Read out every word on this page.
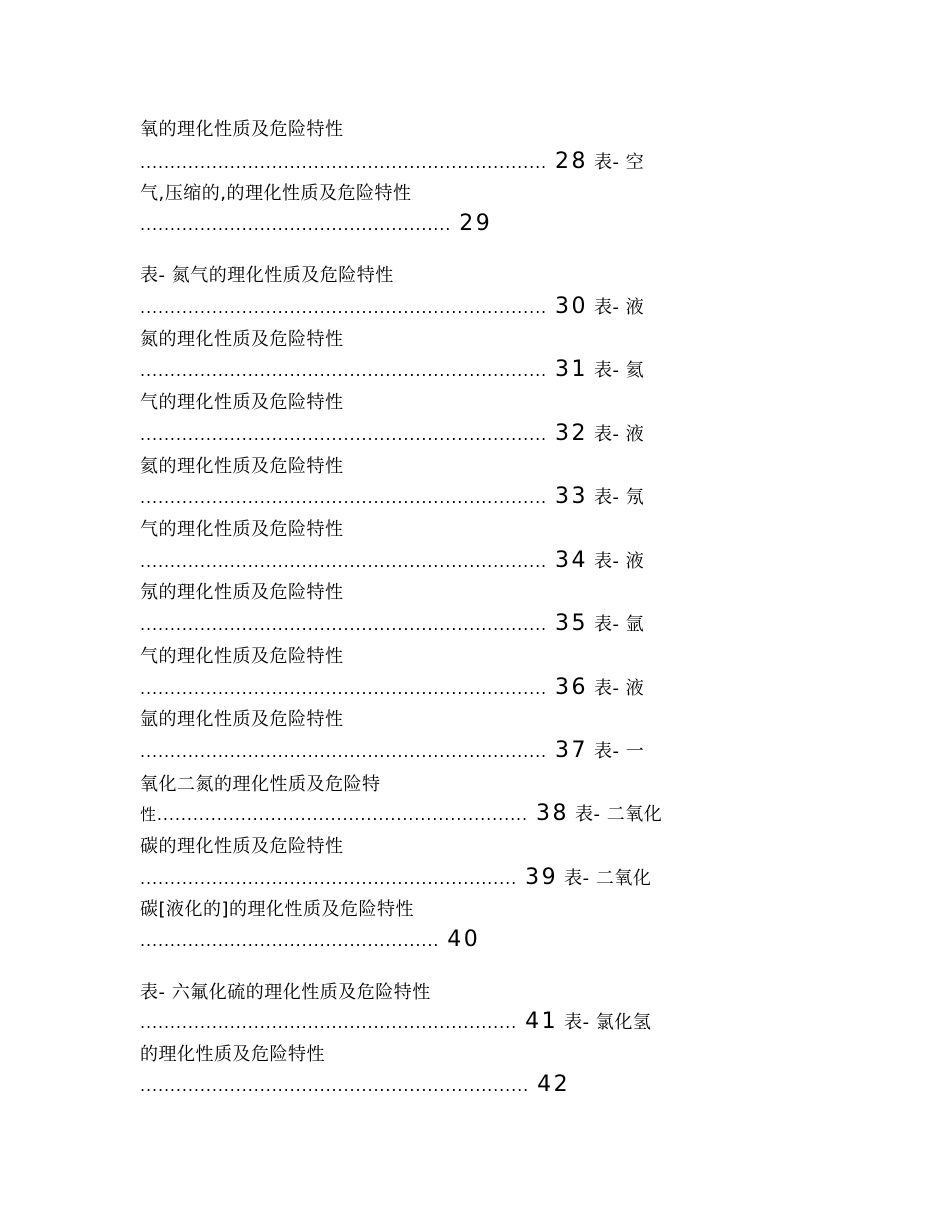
氧的理化性质及危险特性
.................................................................... 28 表- 空
气,压缩的,的理化性质及危险特性
.................................................... 29
表- 氮气的理化性质及危险特性
.................................................................... 30 表- 液
氮的理化性质及危险特性
.................................................................... 31 表- 氦
气的理化性质及危险特性
.................................................................... 32 表- 液
氦的理化性质及危险特性
.................................................................... 33 表- 氖
气的理化性质及危险特性
.................................................................... 34 表- 液
氖的理化性质及危险特性
.................................................................... 35 表- 氩
气的理化性质及危险特性
.................................................................... 36 表- 液
氩的理化性质及危险特性
.................................................................... 37 表- 一
氧化二氮的理化性质及危险特
性.............................................................. 38 表- 二氧化
碳的理化性质及危险特性
............................................................... 39 表- 二氧化
碳[液化的]的理化性质及危险特性
.................................................. 40
表- 六氟化硫的理化性质及危险特性
............................................................... 41 表- 氯化氢
的理化性质及危险特性
................................................................. 42
